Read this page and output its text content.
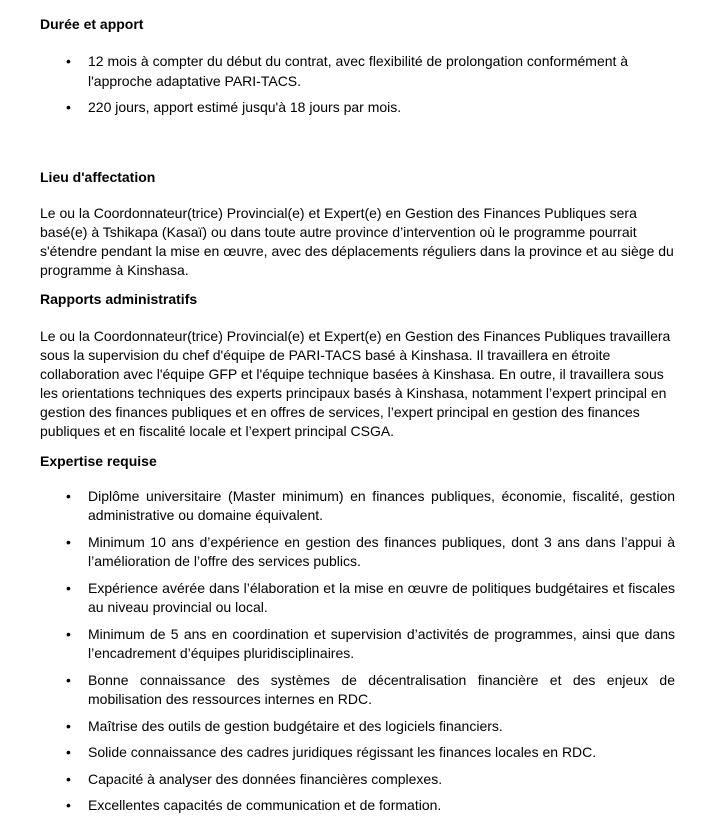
Durée et apport
• 12 mois à compter du début du contrat, avec flexibilité de prolongation conformément à l'approche adaptative PARI-TACS.
• 220 jours, apport estimé jusqu'à 18 jours par mois.
Lieu d'affectation

Le ou la Coordonnateur(trice) Provincial(e) et Expert(e) en Gestion des Finances Publiques sera basé(e) à Tshikapa (Kasaï) ou dans toute autre province d’intervention où le programme pourrait s'étendre pendant la mise en œuvre, avec des déplacements réguliers dans la province et au siège du programme à Kinshasa.

Rapports administratifs

Le ou la Coordonnateur(trice) Provincial(e) et Expert(e) en Gestion des Finances Publiques travaillera sous la supervision du chef d'équipe de PARI-TACS basé à Kinshasa. Il travaillera en étroite collaboration avec l'équipe GFP et l'équipe technique basées à Kinshasa. En outre, il travaillera sous les orientations techniques des experts principaux basés à Kinshasa, notamment l’expert principal en gestion des finances publiques et en offres de services, l’expert principal en gestion des finances publiques et en fiscalité locale et l’expert principal CSGA.

Expertise requise
• Diplôme universitaire (Master minimum) en finances publiques, économie, fiscalité, gestion administrative ou domaine équivalent.
• Minimum 10 ans d’expérience en gestion des finances publiques, dont 3 ans dans l’appui à l’amélioration de l’offre des services publics.
• Expérience avérée dans l’élaboration et la mise en œuvre de politiques budgétaires et fiscales au niveau provincial ou local.
• Minimum de 5 ans en coordination et supervision d’activités de programmes, ainsi que dans l’encadrement d’équipes pluridisciplinaires.
• Bonne connaissance des systèmes de décentralisation financière et des enjeux de mobilisation des ressources internes en RDC.
• Maîtrise des outils de gestion budgétaire et des logiciels financiers.
• Solide connaissance des cadres juridiques régissant les finances locales en RDC.
• Capacité à analyser des données financières complexes.
• Excellentes capacités de communication et de formation.
